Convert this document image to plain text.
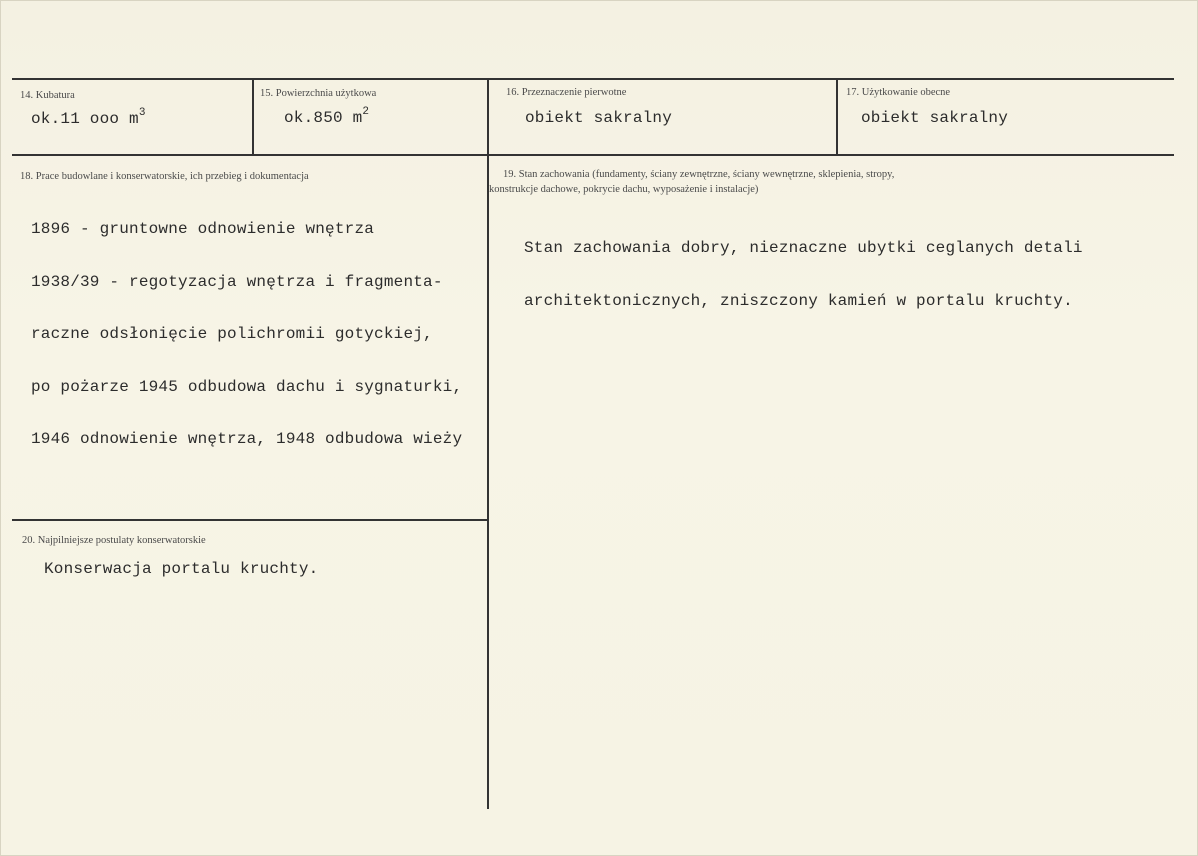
14. Kubatura
ok.11 ooo $m^3$
15. Powierzchnia użytkowa
ok.850 $m^2$
16. Przeznaczenie pierwotne
obiekt sakralny
17. Użytkowanie obecne
obiekt sakralny
18. Prace budowlane i konserwatorskie, ich przebieg i dokumentacja

1896 - gruntowne odnowienie wnętrza

1938/39 - regotyzacja wnętrza i fragmenta-

raczne odsłonięcie polichromii gotyckiej,

po pożarze 1945 odbudowa dachu i sygnaturki,

1946 odnowienie wnętrza, 1948 odbudowa wieży

19. Stan zachowania (fundamenty, ściany zewnętrzne, ściany wewnętrzne, sklepienia, stropy,
konstrukcje dachowe, pokrycie dachu, wyposażenie i instalacje)

Stan zachowania dobry, nieznaczne ubytki ceglanych detali

architektonicznych, zniszczony kamień w portalu kruchty.

20. Najpilniejsze postulaty konserwatorskie
Konserwacja portalu kruchty.
